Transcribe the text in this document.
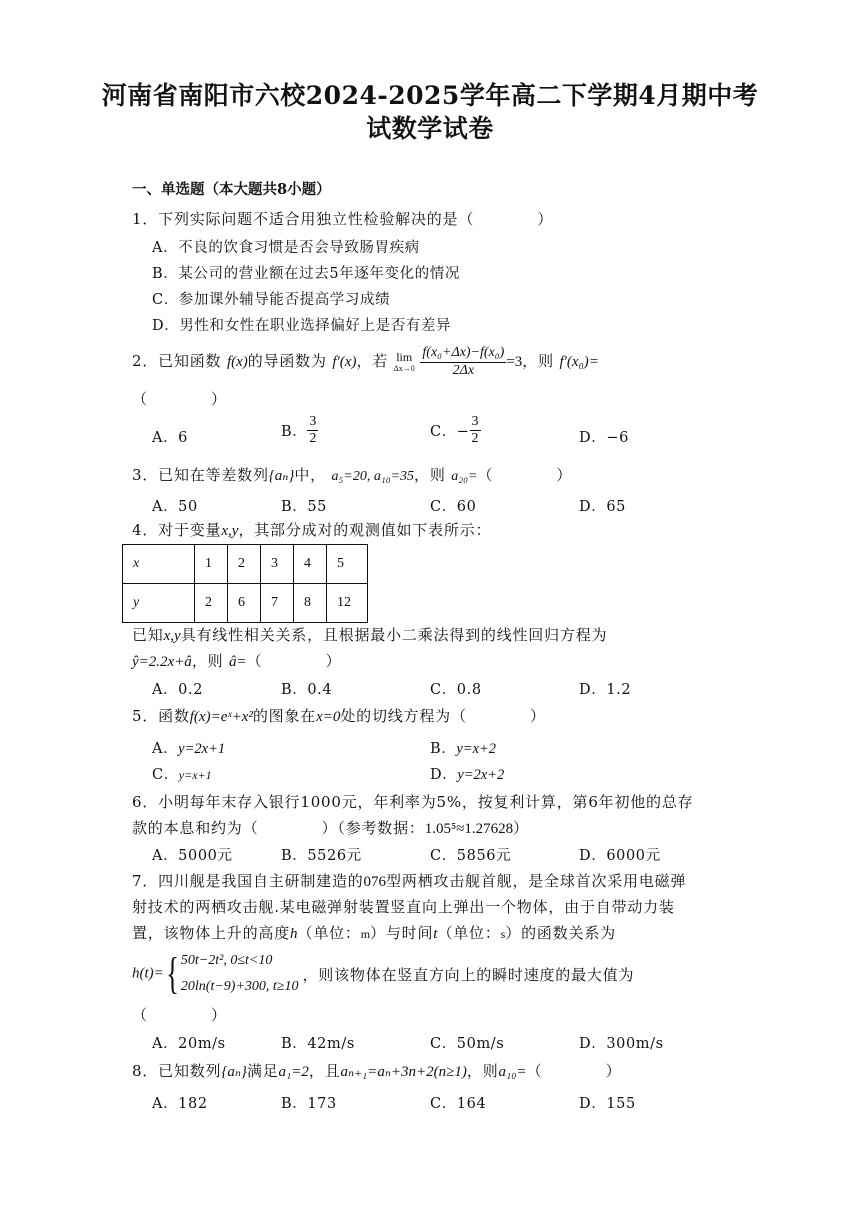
河南省南阳市六校2024-2025学年高二下学期4月期中考
试数学试卷
一、单选题（本大题共8小题）
1．下列实际问题不适合用独立性检验解决的是（　　　　）
A．不良的饮食习惯是否会导致肠胃疾病
B．某公司的营业额在过去5年逐年变化的情况
C．参加课外辅导能否提高学习成绩
D．男性和女性在职业选择偏好上是否有差异
2．已知函数 f(x)的导函数为 f′(x)，若 lim
Δx→0
$\frac{\text{f(x₀+Δx)−f(x₀)}}{2\Delta x} =3$，则 f′(x₀)=
（　　　　）
A．6	B． $\frac{3}{2}$	C．− $\frac{3}{2}$	D．−6
3．已知在等差数列{aₙ}中， a₅=20, a₁₀=35，则 a₂₀=（　　　　）
A．50	B．55	C．60	D．65
4．对于变量x,y，其部分成对的观测值如下表所示：
x	1	2	3	4	5
y	2	6	7	8	12
已知x,y具有线性相关关系，且根据最小二乘法得到的线性回归方程为
ŷ=2.2x+â，则 â=（　　　　）
A．0.2	B．0.4	C．0.8	D．1.2
5．函数f(x)=eˣ+x²的图象在x=0处的切线方程为（　　　　）
A．y=2x+1	B．y=x+2
C．y=x+1	D．y=2x+2
6．小明每年末存入银行1000元，年利率为5%，按复利计算，第6年初他的总存
款的本息和约为（　　　　）（参考数据：1.05⁵≈1.27628）
A．5000元	B．5526元	C．5856元	D．6000元
7．四川舰是我国自主研制建造的076型两栖攻击舰首舰，是全球首次采用电磁弹
射技术的两栖攻击舰.某电磁弹射装置竖直向上弹出一个物体，由于自带动力装
置，该物体上升的高度h（单位：m）与时间t（单位：s）的函数关系为
h(t)={ 50t−2t², 0≤t<10
20ln(t−9)+300, t≥10
，则该物体在竖直方向上的瞬时速度的最大值为
（　　　　）
A．20m/s	B．42m/s	C．50m/s	D．300m/s
8．已知数列{aₙ}满足a₁=2，且aₙ₊₁=aₙ+3n+2(n≥1)，则a₁₀=（　　　　）
A．182	B．173	C．164	D．155
